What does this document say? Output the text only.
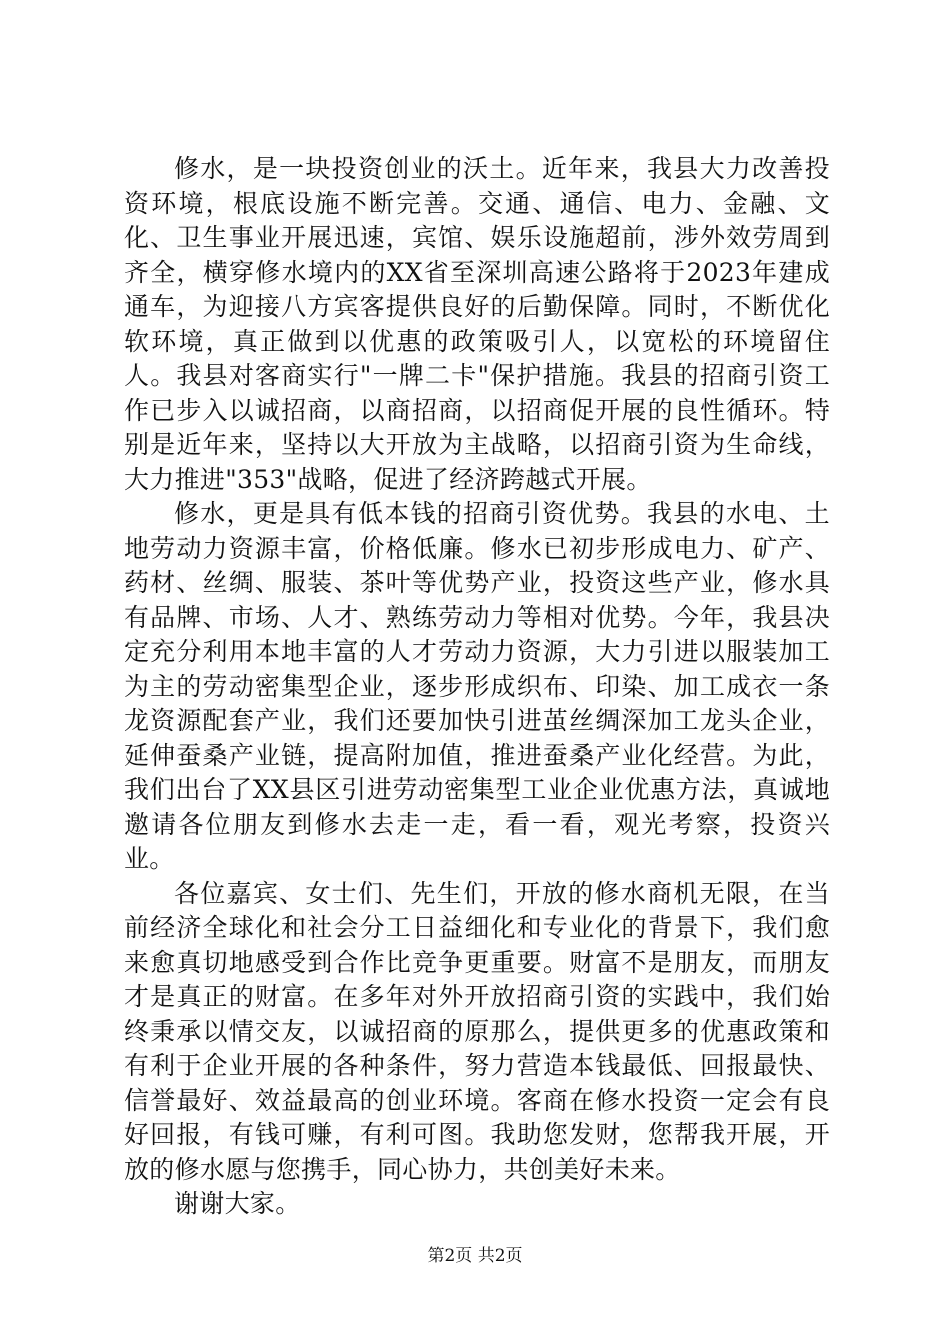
修水，是一块投资创业的沃土。近年来，我县大力改善投资环境，根底设施不断完善。交通、通信、电力、金融、文化、卫生事业开展迅速，宾馆、娱乐设施超前，涉外效劳周到齐全，横穿修水境内的XX省至深圳高速公路将于2023年建成通车，为迎接八方宾客提供良好的后勤保障。同时，不断优化软环境，真正做到以优惠的政策吸引人，以宽松的环境留住人。我县对客商实行"一牌二卡"保护措施。我县的招商引资工作已步入以诚招商，以商招商，以招商促开展的良性循环。特别是近年来，坚持以大开放为主战略，以招商引资为生命线，大力推进"353"战略，促进了经济跨越式开展。

修水，更是具有低本钱的招商引资优势。我县的水电、土地劳动力资源丰富，价格低廉。修水已初步形成电力、矿产、药材、丝绸、服装、茶叶等优势产业，投资这些产业，修水具有品牌、市场、人才、熟练劳动力等相对优势。今年，我县决定充分利用本地丰富的人才劳动力资源，大力引进以服装加工为主的劳动密集型企业，逐步形成织布、印染、加工成衣一条龙资源配套产业，我们还要加快引进茧丝绸深加工龙头企业，延伸蚕桑产业链，提高附加值，推进蚕桑产业化经营。为此，我们出台了XX县区引进劳动密集型工业企业优惠方法，真诚地邀请各位朋友到修水去走一走，看一看，观光考察，投资兴业。

各位嘉宾、女士们、先生们，开放的修水商机无限，在当前经济全球化和社会分工日益细化和专业化的背景下，我们愈来愈真切地感受到合作比竞争更重要。财富不是朋友，而朋友才是真正的财富。在多年对外开放招商引资的实践中，我们始终秉承以情交友，以诚招商的原那么，提供更多的优惠政策和有利于企业开展的各种条件，努力营造本钱最低、回报最快、信誉最好、效益最高的创业环境。客商在修水投资一定会有良好回报，有钱可赚，有利可图。我助您发财，您帮我开展，开放的修水愿与您携手，同心协力，共创美好未来。

谢谢大家。

第2页 共2页
